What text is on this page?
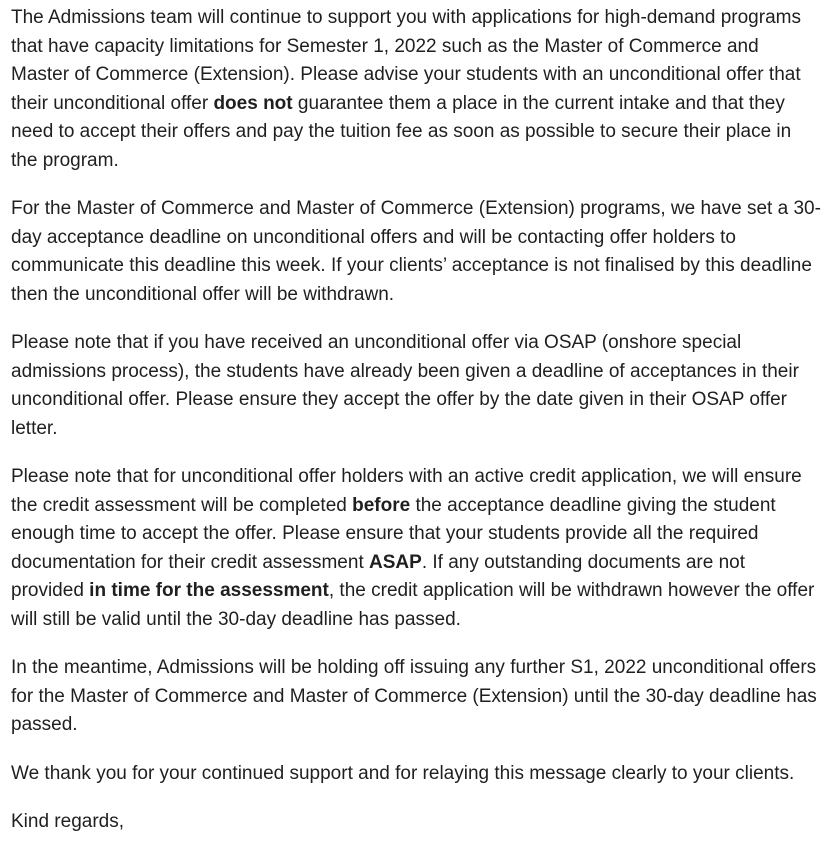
The Admissions team will continue to support you with applications for high-demand programs that have capacity limitations for Semester 1, 2022 such as the Master of Commerce and Master of Commerce (Extension). Please advise your students with an unconditional offer that their unconditional offer does not guarantee them a place in the current intake and that they need to accept their offers and pay the tuition fee as soon as possible to secure their place in the program.

For the Master of Commerce and Master of Commerce (Extension) programs, we have set a 30-day acceptance deadline on unconditional offers and will be contacting offer holders to communicate this deadline this week. If your clients’ acceptance is not finalised by this deadline then the unconditional offer will be withdrawn.

Please note that if you have received an unconditional offer via OSAP (onshore special admissions process), the students have already been given a deadline of acceptances in their unconditional offer. Please ensure they accept the offer by the date given in their OSAP offer letter.

Please note that for unconditional offer holders with an active credit application, we will ensure the credit assessment will be completed before the acceptance deadline giving the student enough time to accept the offer. Please ensure that your students provide all the required documentation for their credit assessment ASAP. If any outstanding documents are not provided in time for the assessment, the credit application will be withdrawn however the offer will still be valid until the 30-day deadline has passed.

In the meantime, Admissions will be holding off issuing any further S1, 2022 unconditional offers for the Master of Commerce and Master of Commerce (Extension) until the 30-day deadline has passed.

We thank you for your continued support and for relaying this message clearly to your clients.

Kind regards,
